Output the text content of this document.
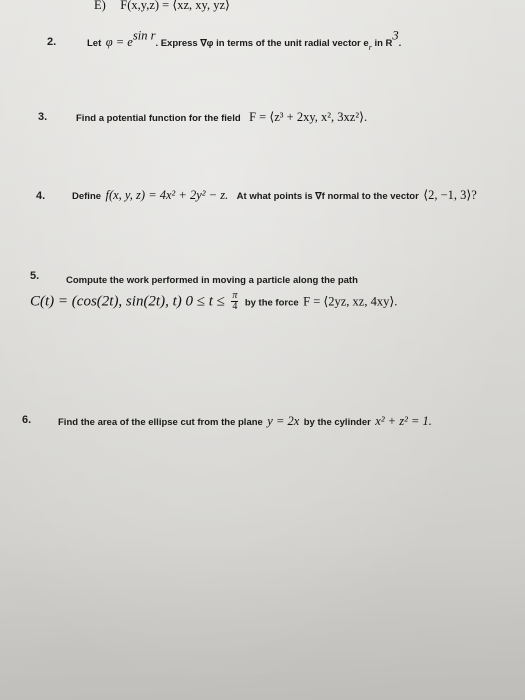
E) F(x,y,z) = ⟨xz, xy, yz⟩
2.	Let $\varphi = e^{sin r}$. Express ∇φ in terms of the unit radial vector $e_r$ in $R^3$.
3.	Find a potential function for the field F = ⟨z³ + 2xy, x², 3xz²⟩.
4.	Define f(x, y, z) = 4x² + 2y² − z. At what points is ∇f normal to the vector ⟨2, −1, 3⟩?
5.	Compute the work performed in moving a particle along the path
C(t) = (cos(2t), sin(2t), t) $0 \le t \le \frac{\pi}{4}$ by the force F = ⟨2yz, xz, 4xy⟩.
6.	Find the area of the ellipse cut from the plane y = 2x by the cylinder x² + z² = 1.
